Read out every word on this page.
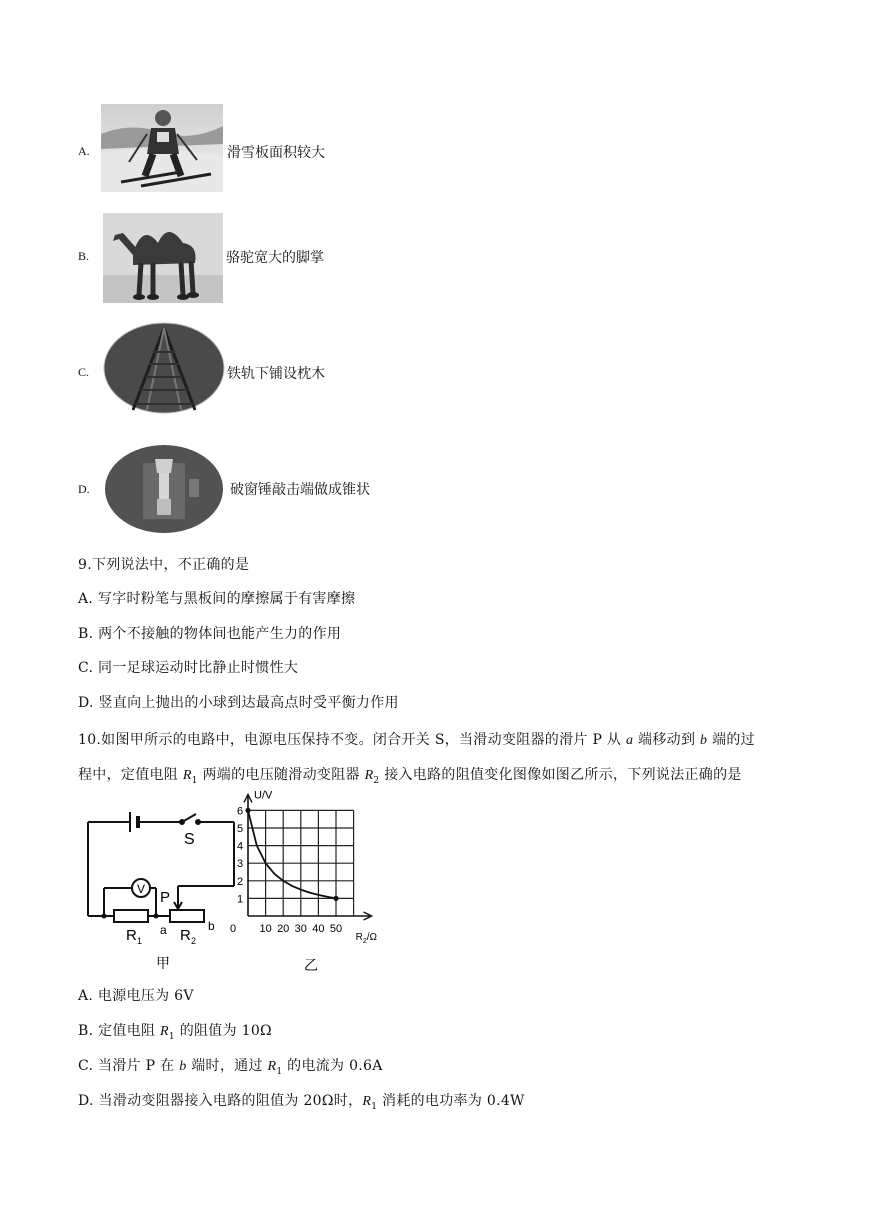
A.	滑雪板面积较大
B.	骆驼宽大的脚掌
C.	铁轨下铺设枕木
D.	破窗锤敲击端做成锥状
9.下列说法中，不正确的是
A. 写字时粉笔与黑板间的摩擦属于有害摩擦
B. 两个不接触的物体间也能产生力的作用
C. 同一足球运动时比静止时惯性大
D. 竖直向上抛出的小球到达最高点时受平衡力作用
10.如图甲所示的电路中，电源电压保持不变。闭合开关 S，当滑动变阻器的滑片 P 从 a 端移动到 b 端的过
程中，定值电阻 $R_1$ 两端的电压随滑动变阻器 $R_2$ 接入电路的阻值变化图像如图乙所示，下列说法正确的是
S
V P
a	b
R 1	R 2
甲
1
2
3
4
5
6
10 20 30 40 50
U/V
$R_2/\Omega$
0
乙
A. 电源电压为 6V
B. 定值电阻 $R_1$ 的阻值为 10Ω
C. 当滑片 P 在 b 端时，通过 $R_1$ 的电流为 0.6A
D. 当滑动变阻器接入电路的阻值为 20Ω时，$R_1$ 消耗的电功率为 0.4W
